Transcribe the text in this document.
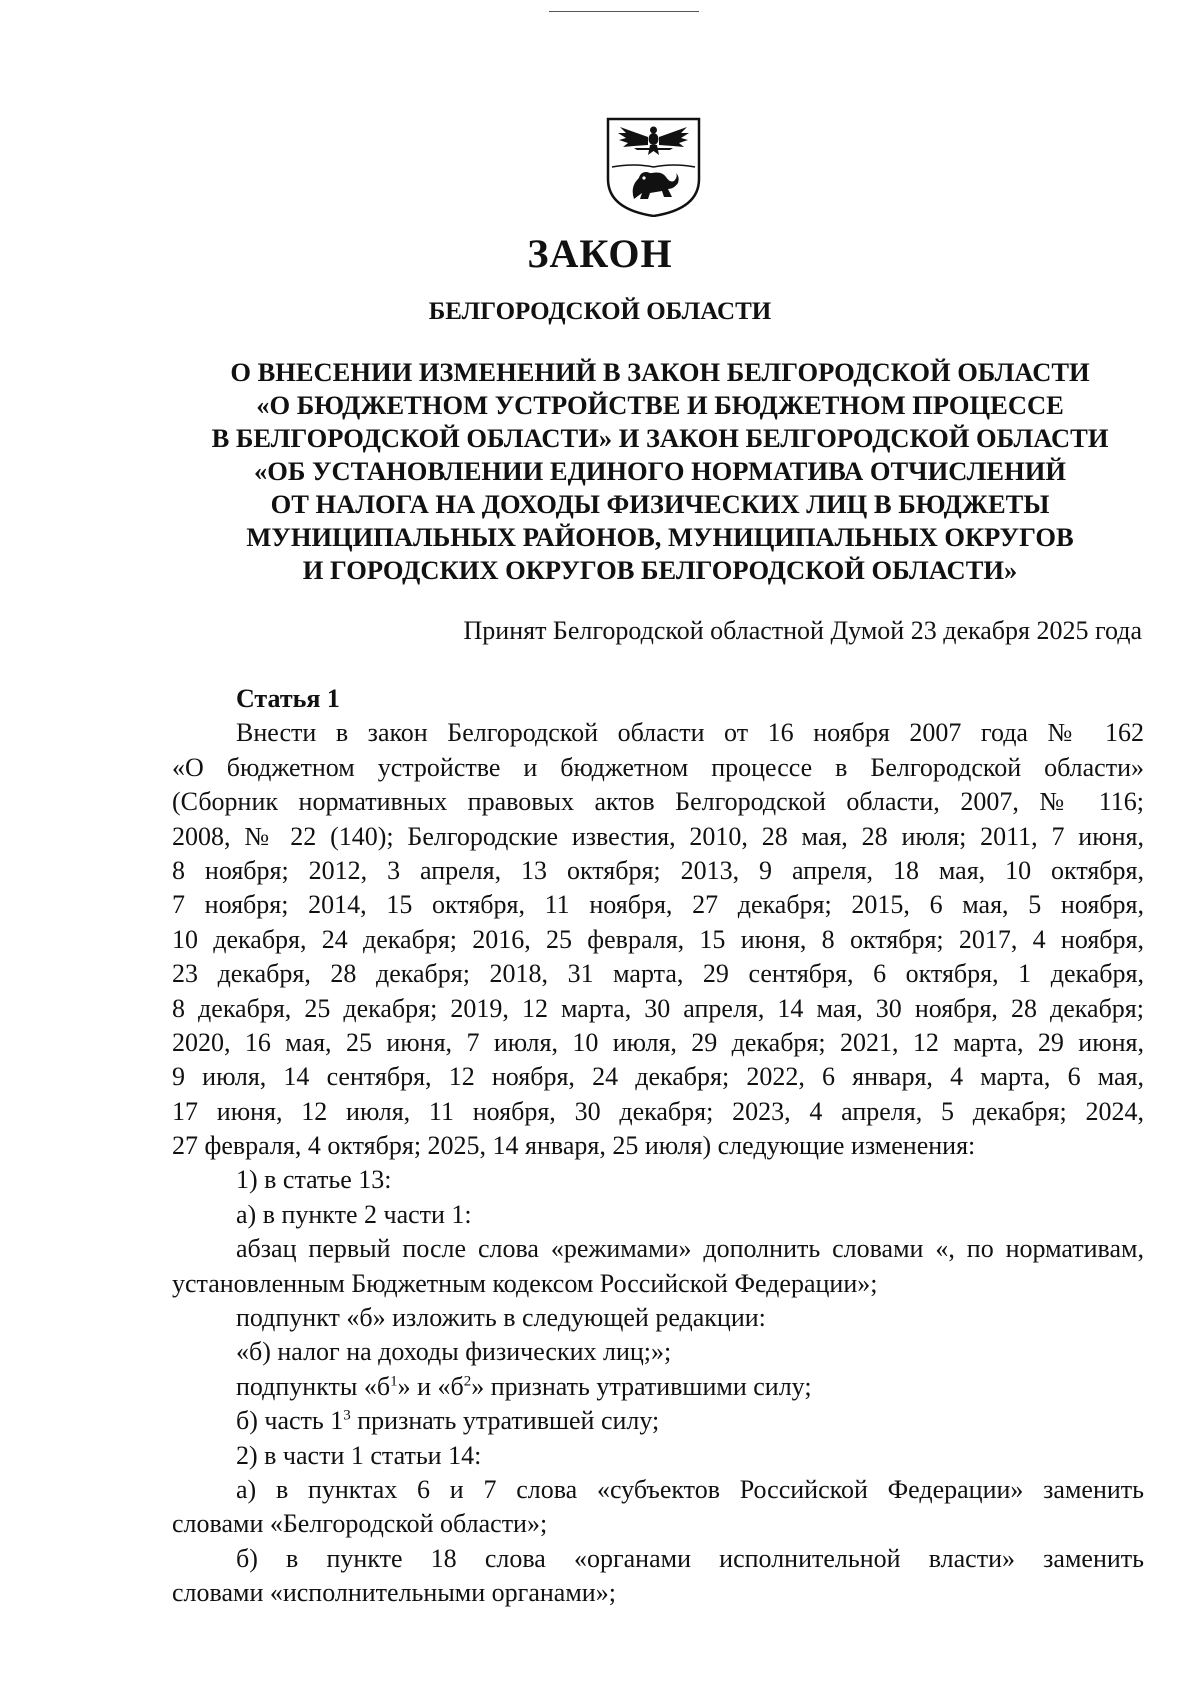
ЗАКОН
БЕЛГОРОДСКОЙ ОБЛАСТИ
О ВНЕСЕНИИ ИЗМЕНЕНИЙ В ЗАКОН БЕЛГОРОДСКОЙ ОБЛАСТИ
«О БЮДЖЕТНОМ УСТРОЙСТВЕ И БЮДЖЕТНОМ ПРОЦЕССЕ
В БЕЛГОРОДСКОЙ ОБЛАСТИ» И ЗАКОН БЕЛГОРОДСКОЙ ОБЛАСТИ
«ОБ УСТАНОВЛЕНИИ ЕДИНОГО НОРМАТИВА ОТЧИСЛЕНИЙ
ОТ НАЛОГА НА ДОХОДЫ ФИЗИЧЕСКИХ ЛИЦ В БЮДЖЕТЫ
МУНИЦИПАЛЬНЫХ РАЙОНОВ, МУНИЦИПАЛЬНЫХ ОКРУГОВ
И ГОРОДСКИХ ОКРУГОВ БЕЛГОРОДСКОЙ ОБЛАСТИ»
Принят Белгородской областной Думой 23 декабря 2025 года
Статья 1
Внести в закон Белгородской области от 16 ноября 2007 года № 162
«О бюджетном устройстве и бюджетном процессе в Белгородской области»
(Сборник нормативных правовых актов Белгородской области, 2007, № 116;
2008, № 22 (140); Белгородские известия, 2010, 28 мая, 28 июля; 2011, 7 июня,
8 ноября; 2012, 3 апреля, 13 октября; 2013, 9 апреля, 18 мая, 10 октября,
7 ноября; 2014, 15 октября, 11 ноября, 27 декабря; 2015, 6 мая, 5 ноября,
10 декабря, 24 декабря; 2016, 25 февраля, 15 июня, 8 октября; 2017, 4 ноября,
23 декабря, 28 декабря; 2018, 31 марта, 29 сентября, 6 октября, 1 декабря,
8 декабря, 25 декабря; 2019, 12 марта, 30 апреля, 14 мая, 30 ноября, 28 декабря;
2020, 16 мая, 25 июня, 7 июля, 10 июля, 29 декабря; 2021, 12 марта, 29 июня,
9 июля, 14 сентября, 12 ноября, 24 декабря; 2022, 6 января, 4 марта, 6 мая,
17 июня, 12 июля, 11 ноября, 30 декабря; 2023, 4 апреля, 5 декабря; 2024,
27 февраля, 4 октября; 2025, 14 января, 25 июля) следующие изменения:
1) в статье 13:
а) в пункте 2 части 1:
абзац первый после слова «режимами» дополнить словами «, по нормативам,
установленным Бюджетным кодексом Российской Федерации»;
подпункт «б» изложить в следующей редакции:
«б) налог на доходы физических лиц;»;
подпункты «$б^1$» и «$б^2$» признать утратившими силу;
б) часть $1^3$ признать утратившей силу;
2) в части 1 статьи 14:
а) в пунктах 6 и 7 слова «субъектов Российской Федерации» заменить
словами «Белгородской области»;
б) в пункте 18 слова «органами исполнительной власти» заменить
словами «исполнительными органами»;
